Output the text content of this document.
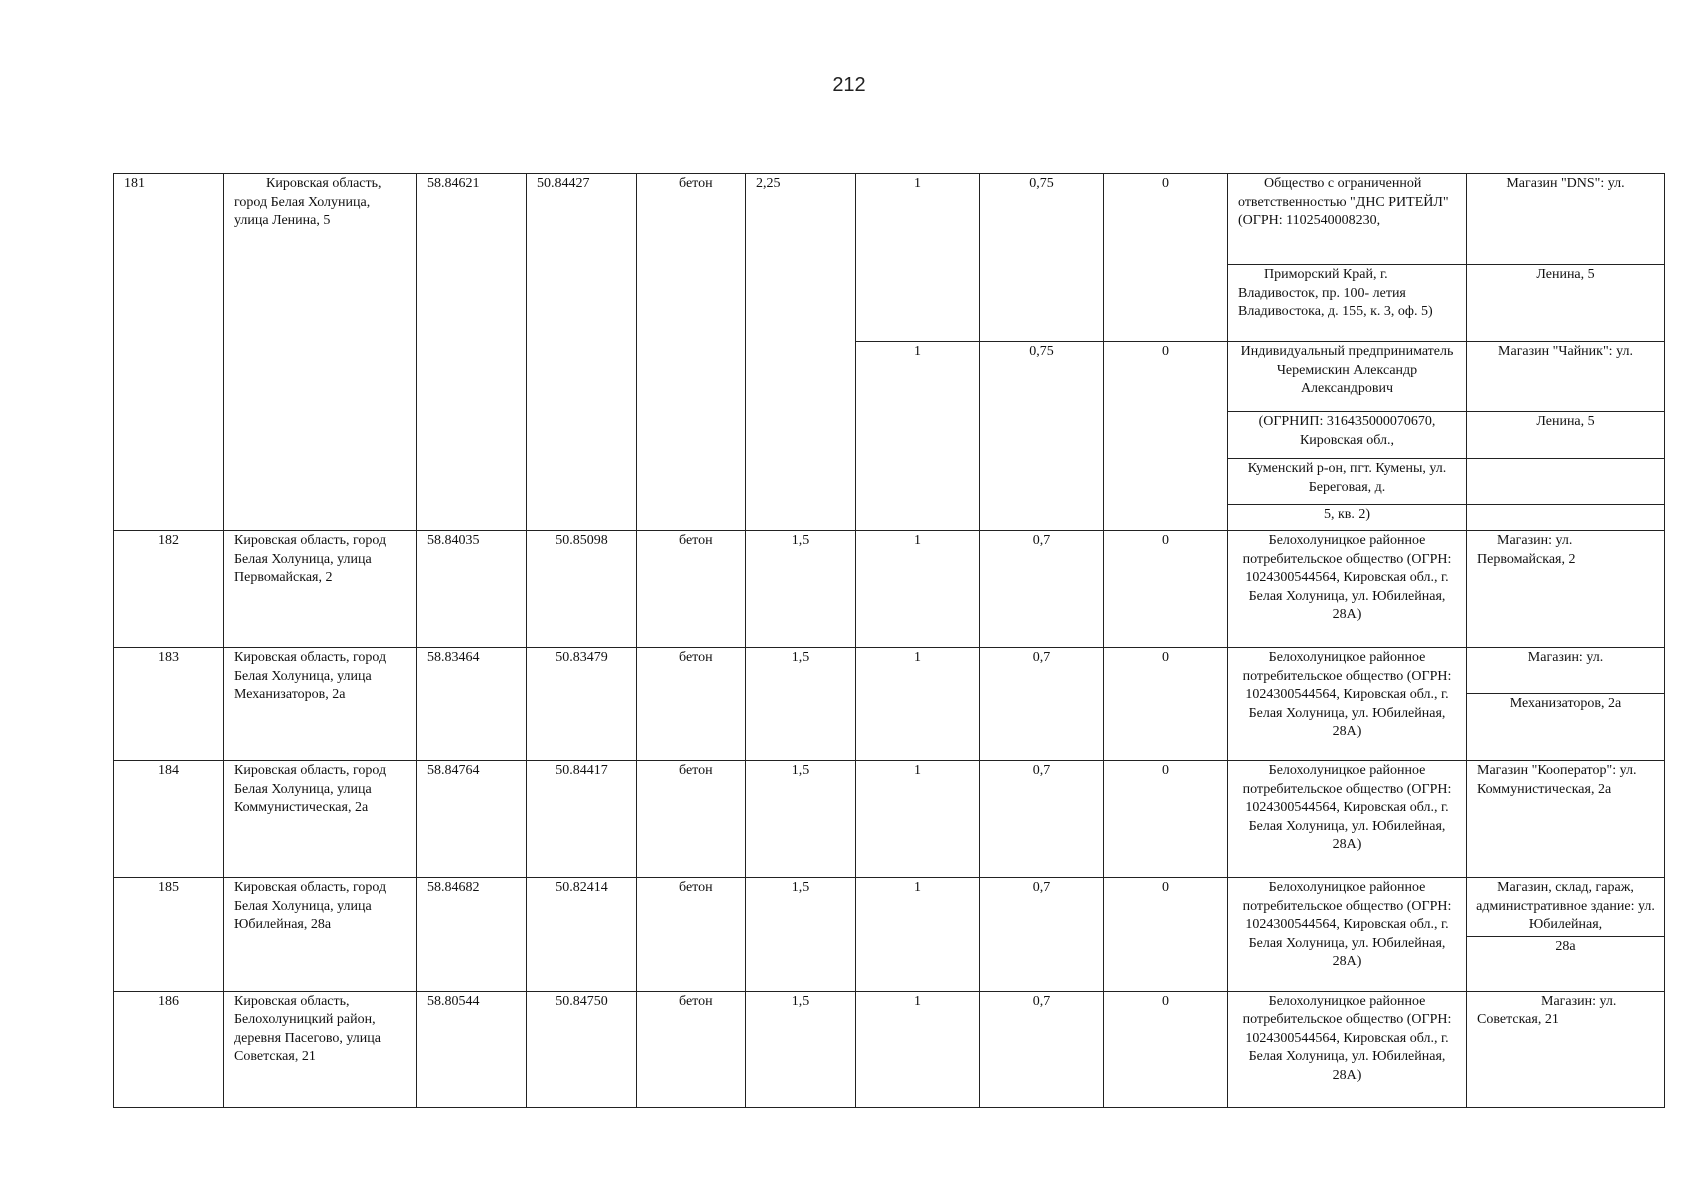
212
181	Кировская область, город Белая Холуница, улица Ленина, 5	58.84621	50.84427	бетон	2,25	1	0,75	0	Общество с ограниченной ответственностью "ДНС РИТЕЙЛ" (ОГРН: 1102540008230,	Магазин "DNS": ул.
									Приморский Край, г. Владивосток, пр. 100- летия Владивостока, д. 155, к. 3, оф. 5)	Ленина, 5
						1	0,75	0	Индивидуальный предприниматель Черемискин Александр Александрович	Магазин "Чайник": ул.
									(ОГРНИП: 316435000070670, Кировская обл.,	Ленина, 5
									Куменский р-он, пгт. Кумены, ул. Береговая, д.	
									5, кв. 2)	
182	Кировская область, город Белая Холуница, улица Первомайская, 2	58.84035	50.85098	бетон	1,5	1	0,7	0	Белохолуницкое районное потребительское общество (ОГРН: 1024300544564, Кировская обл., г. Белая Холуница, ул. Юбилейная, 28А)	Магазин: ул. Первомайская, 2
183	Кировская область, город Белая Холуница, улица Механизаторов, 2а	58.83464	50.83479	бетон	1,5	1	0,7	0	Белохолуницкое районное потребительское общество (ОГРН: 1024300544564, Кировская обл., г. Белая Холуница, ул. Юбилейная, 28А)	Магазин: ул.
										Механизаторов, 2а
184	Кировская область, город Белая Холуница, улица Коммунистическая, 2а	58.84764	50.84417	бетон	1,5	1	0,7	0	Белохолуницкое районное потребительское общество (ОГРН: 1024300544564, Кировская обл., г. Белая Холуница, ул. Юбилейная, 28А)	Магазин "Кооператор": ул. Коммунистическая, 2а
185	Кировская область, город Белая Холуница, улица Юбилейная, 28а	58.84682	50.82414	бетон	1,5	1	0,7	0	Белохолуницкое районное потребительское общество (ОГРН: 1024300544564, Кировская обл., г. Белая Холуница, ул. Юбилейная, 28А)	Магазин, склад, гараж, административное здание: ул. Юбилейная,
										28а
186	Кировская область, Белохолуницкий район, деревня Пасегово, улица Советская, 21	58.80544	50.84750	бетон	1,5	1	0,7	0	Белохолуницкое районное потребительское общество (ОГРН: 1024300544564, Кировская обл., г. Белая Холуница, ул. Юбилейная, 28А)	Магазин: ул. Советская, 21
